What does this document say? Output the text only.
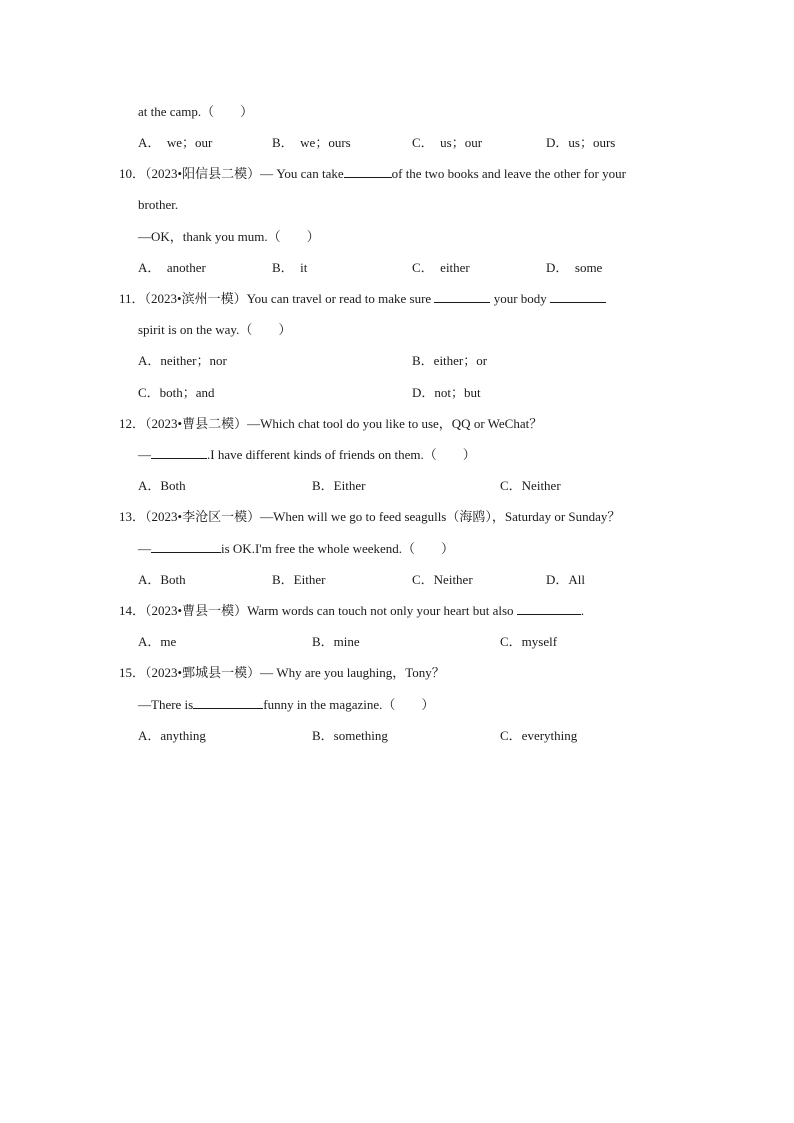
at the camp.（　　）
A．　we；our	B．　we；ours	C．　us；our	D．us；ours
10．（2023•阳信县二模）— You can take	of the two books and leave the other for your
brother.
—OK，thank you mum.（　　）
A．　another	B．　it	C．　either	D．　some
11．（2023•滨州一模）You can travel or read to make sure	your body
spirit is on the way.（　　）
A．neither；nor	B．either；or
C．both；and	D．not；but
12．（2023•曹县二模）—Which chat tool do you like to use，QQ or WeChat？
—	.I have different kinds of friends on them.（　　）
A．Both	B．Either	C．Neither
13．（2023•李沧区一模）—When will we go to feed seagulls（海鸥），Saturday or Sunday？
—	is OK.I'm free the whole weekend.（　　）
A．Both	B．Either	C．Neither	D．All
14．（2023•曹县一模）Warm words can touch not only your heart but also	.
A．me	B．mine	C．myself
15．（2023•鄄城县一模）— Why are you laughing，Tony？
—There is	funny in the magazine.（　　）
A．anything	B．something	C．everything
